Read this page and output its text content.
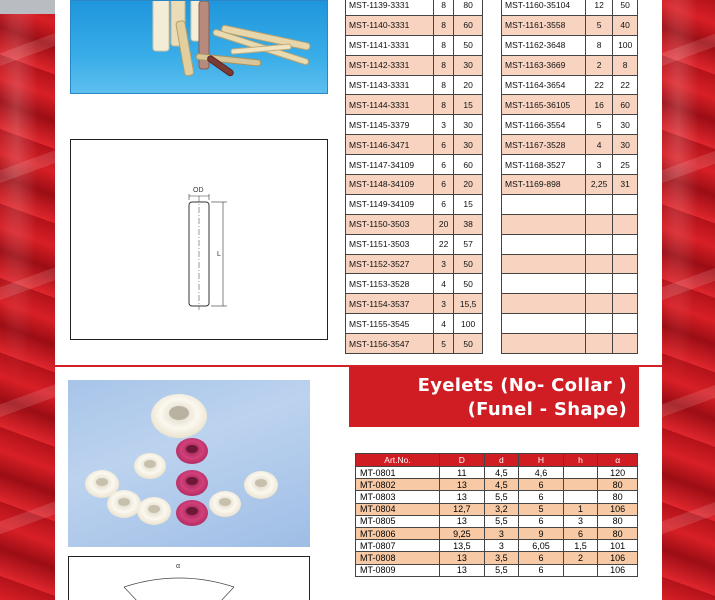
OD
L
MST-1139-3331	8	80
MST-1140-3331	8	60
MST-1141-3331	8	50
MST-1142-3331	8	30
MST-1143-3331	8	20
MST-1144-3331	8	15
MST-1145-3379	3	30
MST-1146-3471	6	30
MST-1147-34109	6	60
MST-1148-34109	6	20
MST-1149-34109	6	15
MST-1150-3503	20	38
MST-1151-3503	22	57
MST-1152-3527	3	50
MST-1153-3528	4	50
MST-1154-3537	3	15,5
MST-1155-3545	4	100
MST-1156-3547	5	50
MST-1160-35104	12	50
MST-1161-3558	5	40
MST-1162-3648	8	100
MST-1163-3669	2	8
MST-1164-3654	22	22
MST-1165-36105	16	60
MST-1166-3554	5	30
MST-1167-3528	4	30
MST-1168-3527	3	25
MST-1169-898	2,25	31

α
Eyelets (No- Collar )
(Funel - Shape)
Art.No.	D	d	H	h	α
MT-0801	11	4,5	4,6		120
MT-0802	13	4,5	6		80
MT-0803	13	5,5	6		80
MT-0804	12,7	3,2	5	1	106
MT-0805	13	5,5	6	3	80
MT-0806	9,25	3	9	6	80
MT-0807	13,5	3	6,05	1,5	101
MT-0808	13	3,5	6	2	106
MT-0809	13	5,5	6		106
